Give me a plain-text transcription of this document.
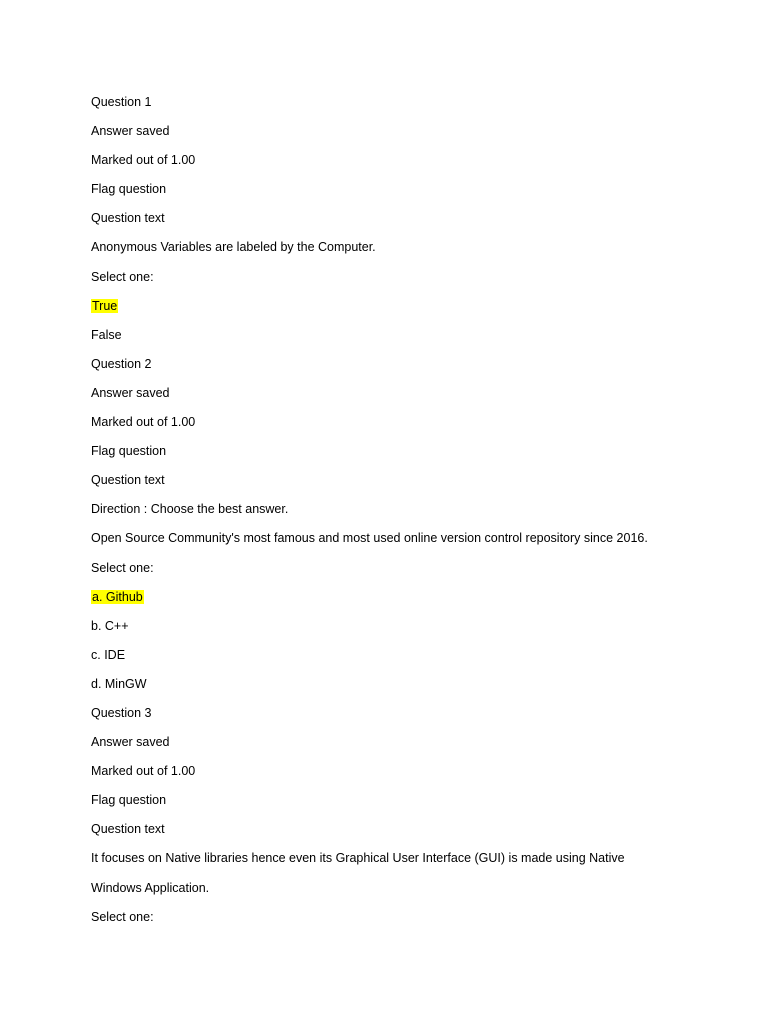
Question 1
Answer saved
Marked out of 1.00
Flag question
Question text
Anonymous Variables are labeled by the Computer.
Select one:
True
False
Question 2
Answer saved
Marked out of 1.00
Flag question
Question text
Direction : Choose the best answer.
Open Source Community's most famous and most used online version control repository since 2016.
Select one:
a. Github
b. C++
c. IDE
d. MinGW
Question 3
Answer saved
Marked out of 1.00
Flag question
Question text
It focuses on Native libraries hence even its Graphical User Interface (GUI) is made using Native
Windows Application.
Select one:
